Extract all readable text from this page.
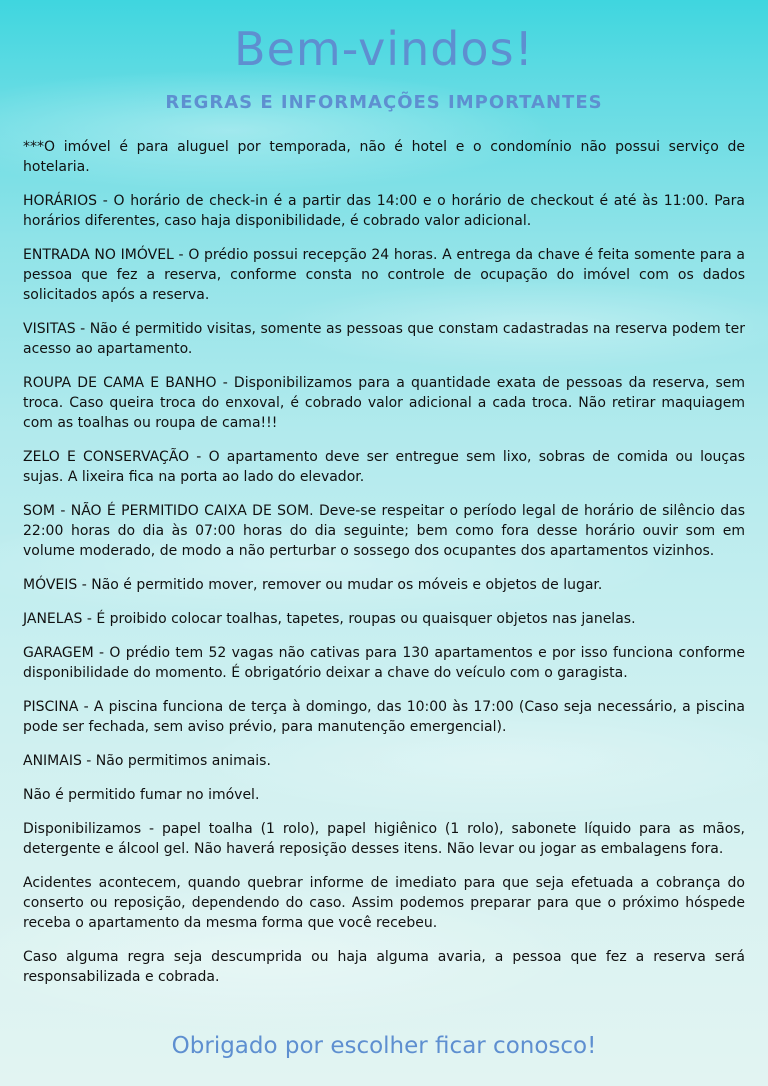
Bem-vindos!
REGRAS E INFORMAÇÕES IMPORTANTES

***O imóvel é para aluguel por temporada, não é hotel e o condomínio não possui serviço de hotelaria.

HORÁRIOS - O horário de check-in é a partir das 14:00 e o horário de checkout é até às 11:00. Para horários diferentes, caso haja disponibilidade, é cobrado valor adicional.

ENTRADA NO IMÓVEL - O prédio possui recepção 24 horas. A entrega da chave é feita somente para a pessoa que fez a reserva, conforme consta no controle de ocupação do imóvel com os dados solicitados após a reserva.

VISITAS - Não é permitido visitas, somente as pessoas que constam cadastradas na reserva podem ter acesso ao apartamento.

ROUPA DE CAMA E BANHO - Disponibilizamos para a quantidade exata de pessoas da reserva, sem troca. Caso queira troca do enxoval, é cobrado valor adicional a cada troca. Não retirar maquiagem com as toalhas ou roupa de cama!!!

ZELO E CONSERVAÇÃO - O apartamento deve ser entregue sem lixo, sobras de comida ou louças sujas. A lixeira fica na porta ao lado do elevador.

SOM - NÃO É PERMITIDO CAIXA DE SOM. Deve-se respeitar o período legal de horário de silêncio das 22:00 horas do dia às 07:00 horas do dia seguinte; bem como fora desse horário ouvir som em volume moderado, de modo a não perturbar o sossego dos ocupantes dos apartamentos vizinhos.

MÓVEIS - Não é permitido mover, remover ou mudar os móveis e objetos de lugar.

JANELAS - É proibido colocar toalhas, tapetes, roupas ou quaisquer objetos nas janelas.

GARAGEM - O prédio tem 52 vagas não cativas para 130 apartamentos e por isso funciona conforme disponibilidade do momento. É obrigatório deixar a chave do veículo com o garagista.

PISCINA - A piscina funciona de terça à domingo, das 10:00 às 17:00 (Caso seja necessário, a piscina pode ser fechada, sem aviso prévio, para manutenção emergencial).

ANIMAIS - Não permitimos animais.

Não é permitido fumar no imóvel.

Disponibilizamos - papel toalha (1 rolo), papel higiênico (1 rolo), sabonete líquido para as mãos, detergente e álcool gel. Não haverá reposição desses itens. Não levar ou jogar as embalagens fora.

Acidentes acontecem, quando quebrar informe de imediato para que seja efetuada a cobrança do conserto ou reposição, dependendo do caso. Assim podemos preparar para que o próximo hóspede receba o apartamento da mesma forma que você recebeu.

Caso alguma regra seja descumprida ou haja alguma avaria, a pessoa que fez a reserva será responsabilizada e cobrada.

Obrigado por escolher ficar conosco!
